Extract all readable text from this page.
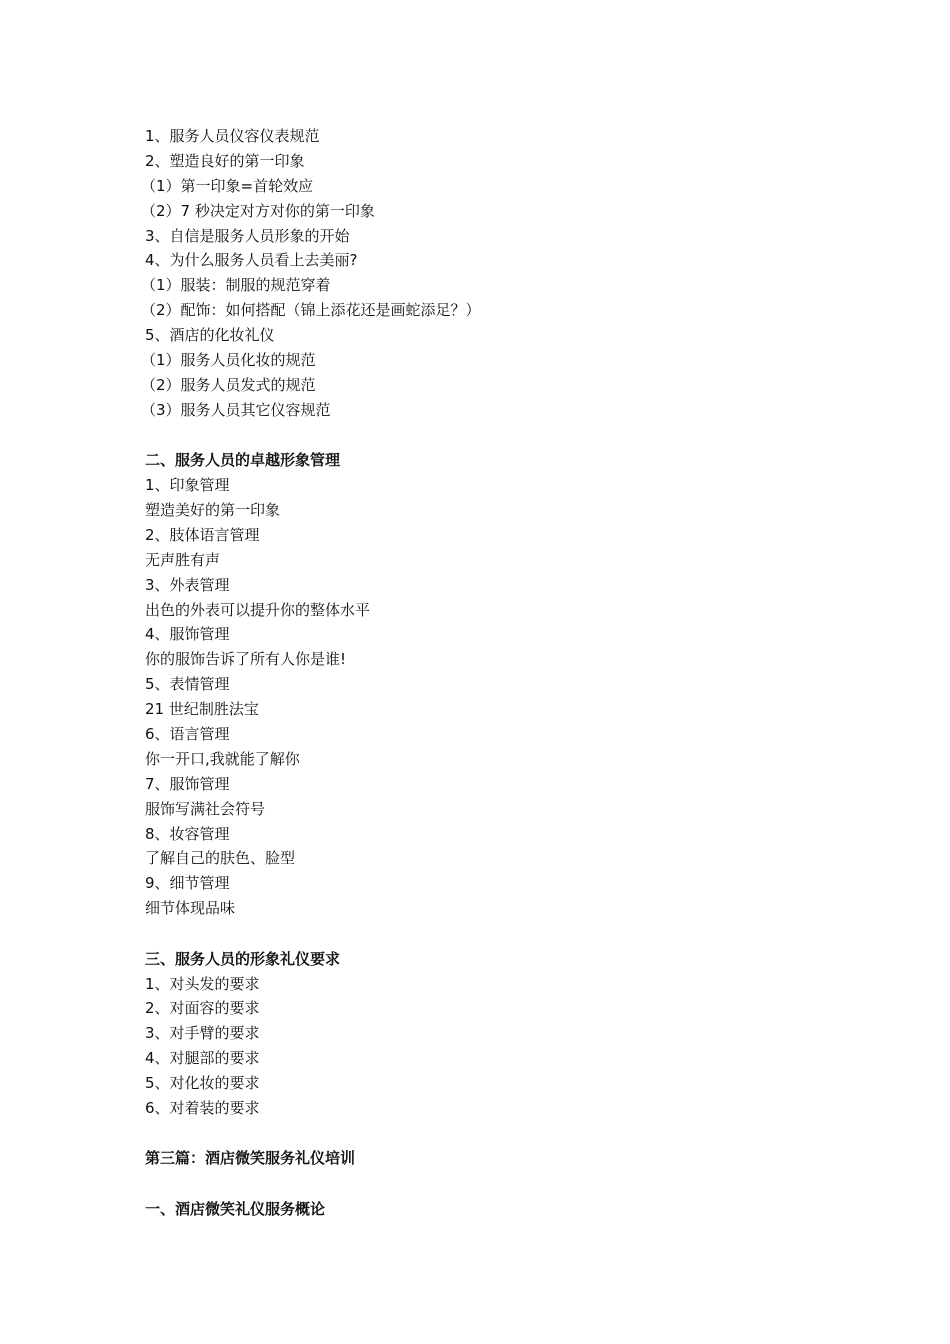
1、服务人员仪容仪表规范
2、塑造良好的第一印象
（1）第一印象=首轮效应
（2）7 秒决定对方对你的第一印象
3、自信是服务人员形象的开始
4、为什么服务人员看上去美丽?
（1）服装：制服的规范穿着
（2）配饰：如何搭配（锦上添花还是画蛇添足？）
5、酒店的化妆礼仪
（1）服务人员化妆的规范
（2）服务人员发式的规范
（3）服务人员其它仪容规范
二、服务人员的卓越形象管理
1、印象管理
塑造美好的第一印象
2、肢体语言管理
无声胜有声
3、外表管理
出色的外表可以提升你的整体水平
4、服饰管理
你的服饰告诉了所有人你是谁!
5、表情管理
21 世纪制胜法宝
6、语言管理
你一开口,我就能了解你
7、服饰管理
服饰写满社会符号
8、妆容管理
了解自己的肤色、脸型
9、细节管理
细节体现品味
三、服务人员的形象礼仪要求
1、对头发的要求
2、对面容的要求
3、对手臂的要求
4、对腿部的要求
5、对化妆的要求
6、对着装的要求
第三篇：酒店微笑服务礼仪培训
一、酒店微笑礼仪服务概论
